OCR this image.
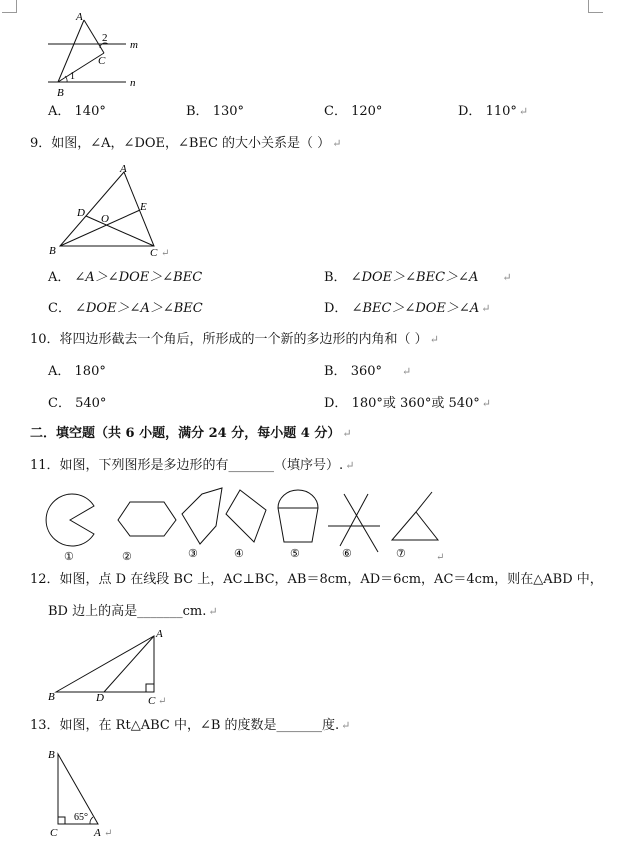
A
2
m
C
1
n
B
A． 140°	B． 130°	C． 120°	D． 110° ↵
9．如图，∠A，∠DOE，∠BEC 的大小关系是（ ） ↵
A
D	E
O
B	C ↵
A． ∠A＞∠DOE＞∠BEC	B． ∠DOE＞∠BEC＞∠A ↵
C． ∠DOE＞∠A＞∠BEC	D． ∠BEC＞∠DOE＞∠A ↵
10．将四边形截去一个角后，所形成的一个新的多边形的内角和（ ） ↵
A． 180°	B． 360° ↵
C． 540°	D． 180°或 360°或 540° ↵
二．填空题（共 6 小题，满分 24 分，每小题 4 分） ↵
11．如图，下列图形是多边形的有_______（填序号）. ↵
①	②	③	④	⑤	⑥	⑦	↵
12．如图，点 D 在线段 BC 上，AC⊥BC，AB＝8cm，AD＝6cm，AC＝4cm，则在△ABD 中，
BD 边上的高是_______cm. ↵
A
B	D	C ↵
13．如图，在 Rt△ABC 中，∠B 的度数是_______度. ↵
B
65°
C	A ↵
